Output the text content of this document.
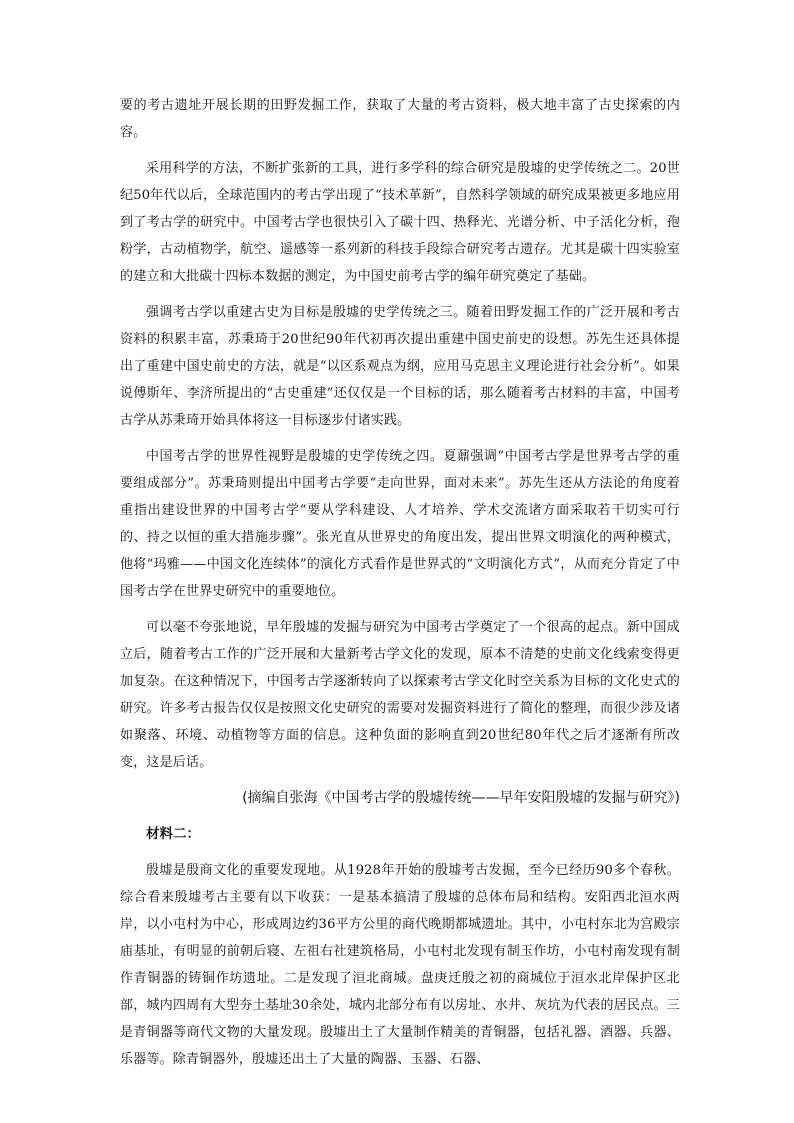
要的考古遗址开展长期的田野发掘工作，获取了大量的考古资料，极大地丰富了古史探索的内容。

采用科学的方法，不断扩张新的工具，进行多学科的综合研究是殷墟的史学传统之二。20世纪50年代以后，全球范围内的考古学出现了“技术革新”，自然科学领域的研究成果被更多地应用到了考古学的研究中。中国考古学也很快引入了碳十四、热释光、光谱分析、中子活化分析，孢粉学，古动植物学，航空、遥感等一系列新的科技手段综合研究考古遗存。尤其是碳十四实验室的建立和大批碳十四标本数据的测定，为中国史前考古学的编年研究奠定了基础。

强调考古学以重建古史为目标是殷墟的史学传统之三。随着田野发掘工作的广泛开展和考古资料的积累丰富，苏秉琦于20世纪90年代初再次提出重建中国史前史的设想。苏先生还具体提出了重建中国史前史的方法，就是“以区系观点为纲，应用马克思主义理论进行社会分析”。如果说傅斯年、李济所提出的“古史重建”还仅仅是一个目标的话，那么随着考古材料的丰富，中国考古学从苏秉琦开始具体将这一目标逐步付诸实践。

中国考古学的世界性视野是殷墟的史学传统之四。夏鼐强调“中国考古学是世界考古学的重要组成部分”。苏秉琦则提出中国考古学要“走向世界，面对未来”。苏先生还从方法论的角度着重指出建设世界的中国考古学“要从学科建设、人才培养、学术交流诸方面采取若干切实可行的、持之以恒的重大措施步骤”。张光直从世界史的角度出发，提出世界文明演化的两种模式，他将“玛雅——中国文化连续体”的演化方式看作是世界式的“文明演化方式”，从而充分肯定了中国考古学在世界史研究中的重要地位。

可以毫不夸张地说，早年殷墟的发掘与研究为中国考古学奠定了一个很高的起点。新中国成立后，随着考古工作的广泛开展和大量新考古学文化的发现，原本不清楚的史前文化线索变得更加复杂。在这种情况下，中国考古学逐渐转向了以探索考古学文化时空关系为目标的文化史式的研究。许多考古报告仅仅是按照文化史研究的需要对发掘资料进行了简化的整理，而很少涉及诸如聚落、环境、动植物等方面的信息。这种负面的影响直到20世纪80年代之后才逐渐有所改变，这是后话。

(摘编自张海《中国考古学的殷墟传统——早年安阳殷墟的发掘与研究》)

材料二：

殷墟是殷商文化的重要发现地。从1928年开始的殷墟考古发掘，至今已经历90多个春秋。综合看来殷墟考古主要有以下收获：一是基本搞清了殷墟的总体布局和结构。安阳西北洹水两岸，以小屯村为中心，形成周边约36平方公里的商代晚期都城遗址。其中，小屯村东北为宫殿宗庙基址，有明显的前朝后寝、左祖右社建筑格局，小屯村北发现有制玉作坊，小屯村南发现有制作青铜器的铸铜作坊遗址。二是发现了洹北商城。盘庚迁殷之初的商城位于洹水北岸保护区北部，城内四周有大型夯土基址30余处，城内北部分布有以房址、水井、灰坑为代表的居民点。三是青铜器等商代文物的大量发现。殷墟出土了大量制作精美的青铜器，包括礼器、酒器、兵器、乐器等。除青铜器外，殷墟还出土了大量的陶器、玉器、石器、
